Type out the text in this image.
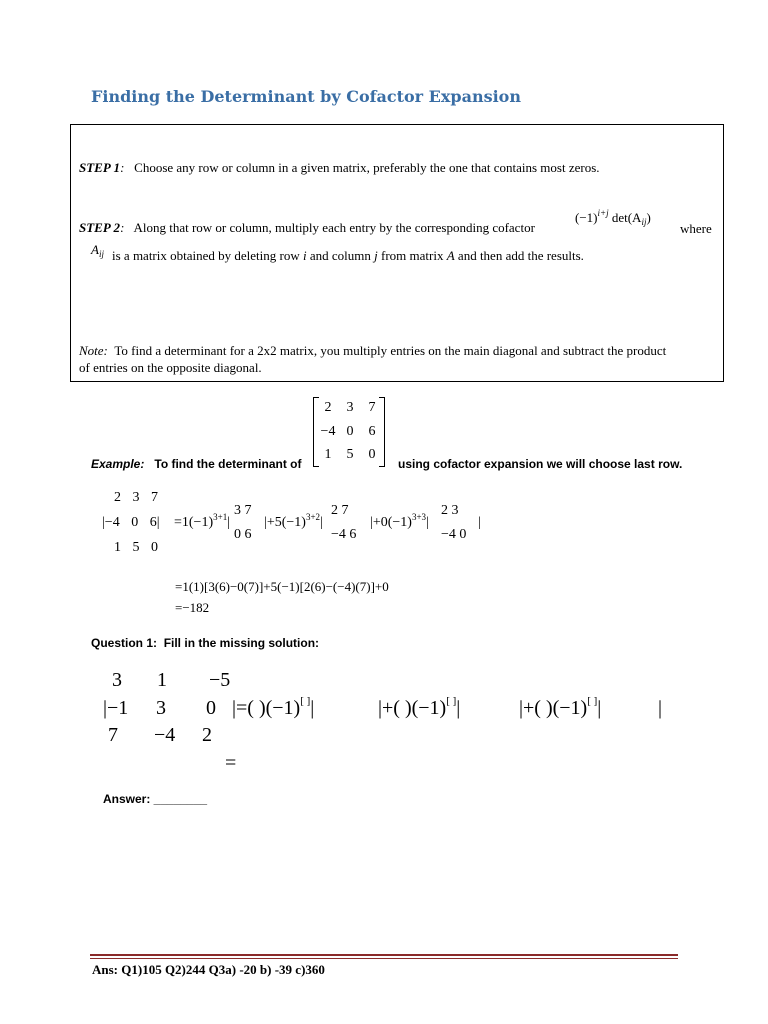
Finding the Determinant by Cofactor Expansion
STEP 1: Choose any row or column in a given matrix, preferably the one that contains most zeros.
STEP 2: Along that row or column, multiply each entry by the corresponding cofactor
$(-1)^{i+j}$ $\det(A_{ij})$
where
$A_{ij}$ is a matrix obtained by deleting row i and column j from matrix A and then add the results.
Note: To find a determinant for a 2x2 matrix, you multiply entries on the main diagonal and subtract the product
of entries on the opposite diagonal.
2	3	7
−4 0	6
1	5	0
Example: To find the determinant of	using cofactor expansion we will choose last row.
2 3 7
|−4 0 6|
1 5 0
$=1(-1)^{3+1}|$
3 7
0 6
$|+5(-1)^{3+2}|$
2 7
−4 6
$|+0(-1)^{3+3}|$
2 3
−4 0
|
=1(1)[3(6)−0(7)]+5(−1)[2(6)−(−4)(7)]+0
=−182
Question 1: Fill in the missing solution:
3 1 −5
|−1 3 0
7 −4 2
|=( )(−1)[ ]|	|+( )(−1)[ ]|	|+( )(−1)[ ]|	|
=
Answer: ________
Ans: Q1)105 Q2)244 Q3a) -20 b) -39 c)360
